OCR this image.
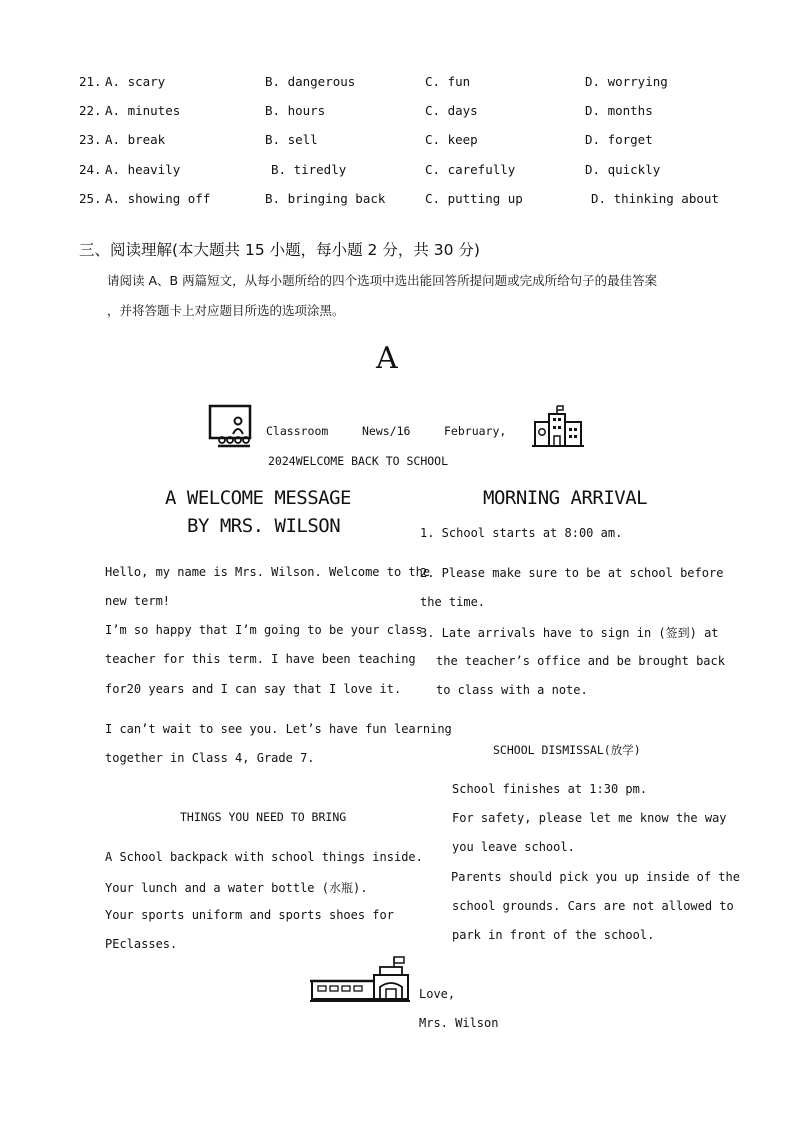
21. A. scary	B. dangerous	C. fun	D. worrying
22. A. minutes	B. hours	C. days	D. months
23. A. break	B. sell	C. keep	D. forget
24. A. heavily	B. tiredly	C. carefully	D. quickly
25. A. showing off	B. bringing back	C. putting up	D. thinking about
三、阅读理解(本大题共 15 小题，每小题 2 分，共 30 分)
请阅读 A、B 两篇短文，从每小题所给的四个选项中选出能回答所提问题或完成所给句子的最佳答案
，并将答题卡上对应题目所选的选项涂黑。
A
Classroom	News/16	February,
2024WELCOME BACK TO SCHOOL
A WELCOME MESSAGE
BY MRS. WILSON
Hello, my name is Mrs. Wilson. Welcome to the
new term!
I’m so happy that I’m going to be your class
teacher for this term. I have been teaching
for20 years and I can say that I love it.
I can’t wait to see you. Let’s have fun learning
together in Class 4, Grade 7.
THINGS YOU NEED TO BRING
A School backpack with school things inside.
Your lunch and a water bottle (水瓶).
Your sports uniform and sports shoes for
PEclasses.
MORNING ARRIVAL
1. School starts at 8:00 am.
2. Please make sure to be at school before
the time.
3. Late arrivals have to sign in (签到) at
the teacher’s office and be brought back
to class with a note.
SCHOOL DISMISSAL(放学)
School finishes at 1:30 pm.
For safety, please let me know the way
you leave school.
Parents should pick you up inside of the
school grounds. Cars are not allowed to
park in front of the school.
Love,
Mrs. Wilson
